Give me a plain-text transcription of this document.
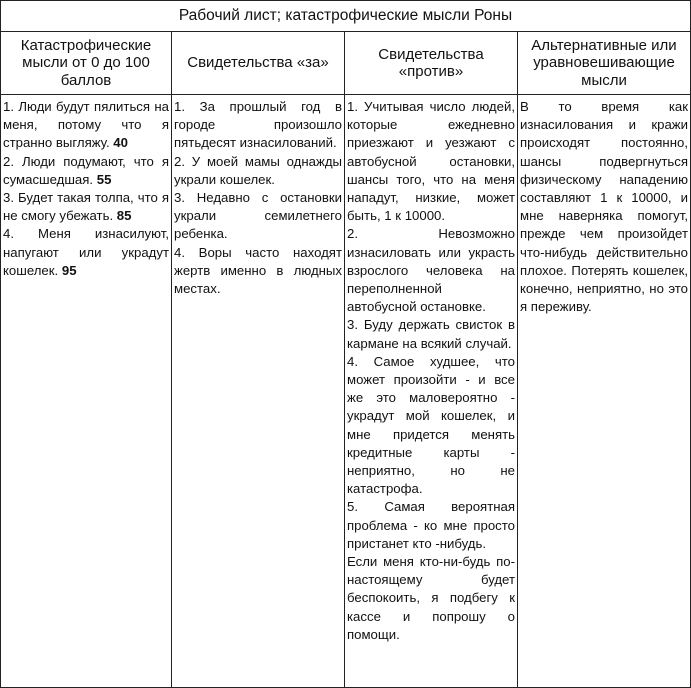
Рабочий лист; катастрофические мысли Роны
Катастрофические мысли от 0 до 100 баллов
Свидетельства «за»
Свидетельства «против»
Альтернативные или уравновешивающие мысли
1. Люди будут пялиться на меня, потому что я странно выгляжу. 40
2. Люди подумают, что я сумасшедшая. 55
3. Будет такая толпа, что я не смогу убежать. 85
4. Меня изнасилуют, напугают или украдут кошелек. 95
1. За прошлый год в городе произошло пятьдесят изнасилований.
2. У моей мамы однажды украли кошелек.
3. Недавно с остановки украли семилетнего ребенка.
4. Воры часто находят жертв именно в людных местах.
1. Учитывая число людей, которые ежедневно приезжают и уезжают с автобусной остановки, шансы того, что на меня нападут, низкие, может быть, 1 к 10000.
2. Невозможно изнасиловать или украсть взрослого человека на переполненной автобусной остановке.
3. Буду держать свисток в кармане на всякий случай.
4. Самое худшее, что может произойти - и все же это маловероятно - украдут мой кошелек, и мне придется менять кредитные карты - неприятно, но не катастрофа.
5. Самая вероятная проблема - ко мне просто пристанет кто -нибудь.
Если меня кто-ни-будь по-настоящему будет беспокоить, я подбегу к кассе и попрошу о помощи.
В то время как изнасилования и кражи происходят постоянно, шансы подвергнуться физическому нападению составляют 1 к 10000, и мне наверняка помогут, прежде чем произойдет что-нибудь действительно плохое. Потерять кошелек, конечно, неприятно, но это я переживу.
